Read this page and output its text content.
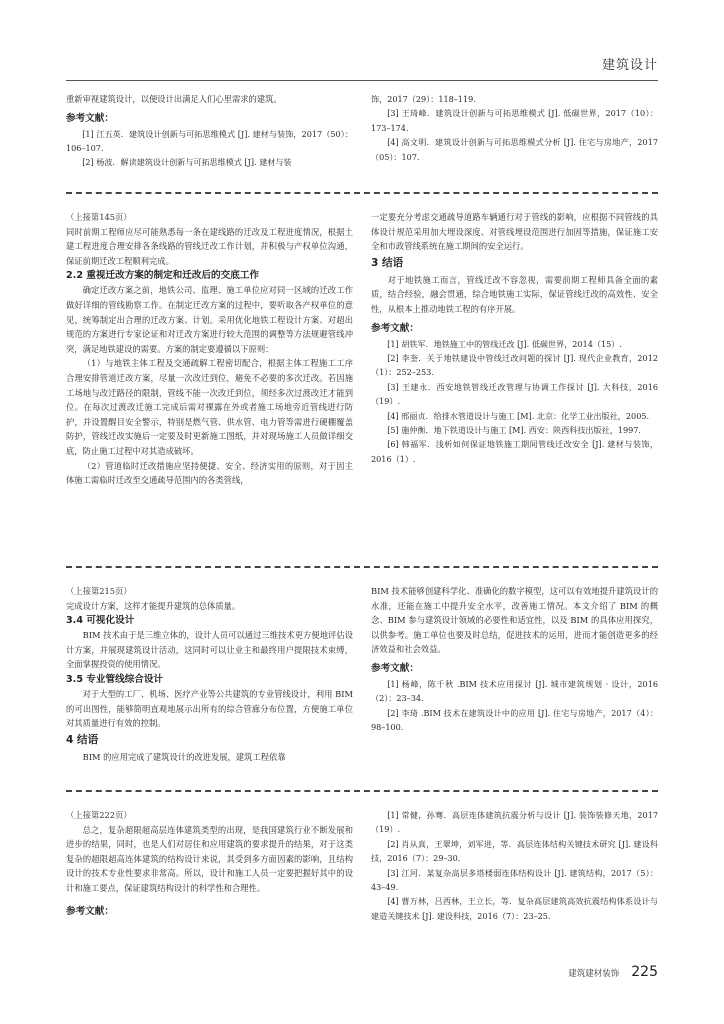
建筑设计
重新审视建筑设计，以便设计出满足人们心里需求的建筑。
参考文献：
[1] 江五英．建筑设计创新与可拓思维模式 [J]. 建材与装饰，2017（50）：106–107.
[2] 杨波．解读建筑设计创新与可拓思维模式 [J]. 建材与装
饰，2017（29）：118–119.
[3] 王琦峰．建筑设计创新与可拓思维模式 [J]. 低碳世界，2017（10）：173–174.
[4] 高文明．建筑设计创新与可拓思维模式分析 [J]. 住宅与房地产，2017（05）：107.
（上接第145页）
同时前期工程师应尽可能熟悉每一条在建线路的迁改及工程进度情况，根据土建工程进度合理安排各条线路的管线迁改工作计划，并积极与产权单位沟通，保证前期迁改工程顺利完成。
2.2 重视迁改方案的制定和迁改后的交底工作
确定迁改方案之前，地铁公司、监理、施工单位应对同一区域的迁改工作做好详细的管线勘察工作。在制定迁改方案的过程中，要听取各产权单位的意见，统筹制定出合理的迁改方案、计划。采用优化地铁工程设计方案、对超出规范的方案进行专家论证和对迁改方案进行较大范围的调整等方法规避管线冲突，满足地铁建设的需要。方案的制定要遵循以下原则：
（1）与地铁主体工程及交通疏解工程密切配合，根据主体工程施工工序合理安排管道迁改方案，尽量一次改迁到位，避免不必要的多次迁改。若因施工场地与改迁路径的限制，管线不能一次改迁到位，须经多次过渡改迁才能到位。在每次过渡改迁施工完成后需对裸露在外或者施工场地旁近管线进行防护，并设置醒目安全警示，特别是燃气管、供水管、电力管等需进行硬棚覆盖防护，管线迁改实施后一定要及时更新施工图纸，并对现场施工人员做详细交底，防止施工过程中对其造成破坏。
（2）管道临时迁改措施应坚持便捷、安全、经济实用的原则，对于因主体施工需临时迁改至交通疏导范围内的各类管线，
一定要充分考虑交通疏导道路车辆通行对于管线的影响，应根据不同管线的具体设计规范采用加大埋设深度、对管线埋设范围进行加固等措施，保证施工安全和市政管线系统在施工期间的安全运行。
3 结语
对于地铁施工而言，管线迁改不容忽视，需要前期工程师具备全面的素质，结合经验，融会贯通，综合地铁施工实际，保证管线迁改的高效性、安全性，从根本上推动地铁工程的有序开展。
参考文献：
[1] 胡铁军．地铁施工中的管线迁改 [J]. 低碳世界，2014（15）.
[2] 李奎．关于地铁建设中管线迁改问题的探讨 [J]. 现代企业教育，2012（1）：252–253.
[3] 王建永．西安地铁管线迁改管理与协调工作探讨 [J]. 大科技，2016（19）.
[4] 邢丽贞．给排水管道设计与施工 [M]. 北京：化学工业出版社，2005.
[5] 施仲衡．地下铁道设计与施工 [M]. 西安：陕西科技出版社，1997.
[6] 韩福军．浅析如何保证地铁施工期间管线迁改安全 [J]. 建材与装饰，2016（1）.
（上接第215页）
完成设计方案，这样才能提升建筑的总体质量。
3.4 可视化设计
BIM 技术由于是三维立体的，设计人员可以通过三维技术更方便地评估设计方案，并展现建筑设计活动，这同时可以让业主和最终用户提限技术束缚，全面掌握投资的使用情况。
3.5 专业管线综合设计
对于大型的工厂、机场、医疗产业等公共建筑的专业管线设计，利用 BIM 的可出图性，能够简明直观地展示出所有的综合管廊分布位置，方便施工单位对其质量进行有效的控制。
4 结语
BIM 的应用完成了建筑设计的改进发展，建筑工程依靠
BIM 技术能够创建科学化、准确化的数字模型，这可以有效地提升建筑设计的水准，还能在施工中提升安全水平，改善施工情况。本文介绍了 BIM 的概念、BIM 参与建筑设计领域的必要性和适宜性，以及 BIM 的具体应用探究，以供参考。施工单位也要及时总结，促进技术的运用，进而才能创造更多的经济效益和社会效益。
参考文献：
[1] 杨峰，陈千秋 .BIM 技术应用探讨 [J]. 城市建筑规划 · 设计，2016（2）：23–34.
[2] 李琦 .BIM 技术在建筑设计中的应用 [J]. 住宅与房地产，2017（4）：98–100.
（上接第222页）
总之，复杂超限超高层连体建筑类型的出现，是我国建筑行业不断发展和进步的结果，同时，也是人们对居住和应用建筑的要求提升的结果，对于这类复杂的超限超高连体建筑的结构设计来说，其受到多方面因素的影响，且结构设计的技术专业性要求非常高。所以，设计和施工人员一定要把握好其中的设计和施工要点，保证建筑结构设计的科学性和合理性。
参考文献：
[1] 常健，孙骞．高层连体建筑抗震分析与设计 [J]. 装饰装修天地，2017（19）.
[2] 肖从真，王翠坤，刘军进，等．高层连体结构关键技术研究 [J]. 建设科技，2016（7）：29–30.
[3] 江河．某复杂高层多塔楼弱连体结构设计 [J]. 建筑结构，2017（5）：43–49.
[4] 曹万林，吕西林，王立长，等．复杂高层建筑高效抗震结构体系设计与建造关键技术 [J]. 建设科技，2016（7）：23–25.
建筑建材装饰 225
